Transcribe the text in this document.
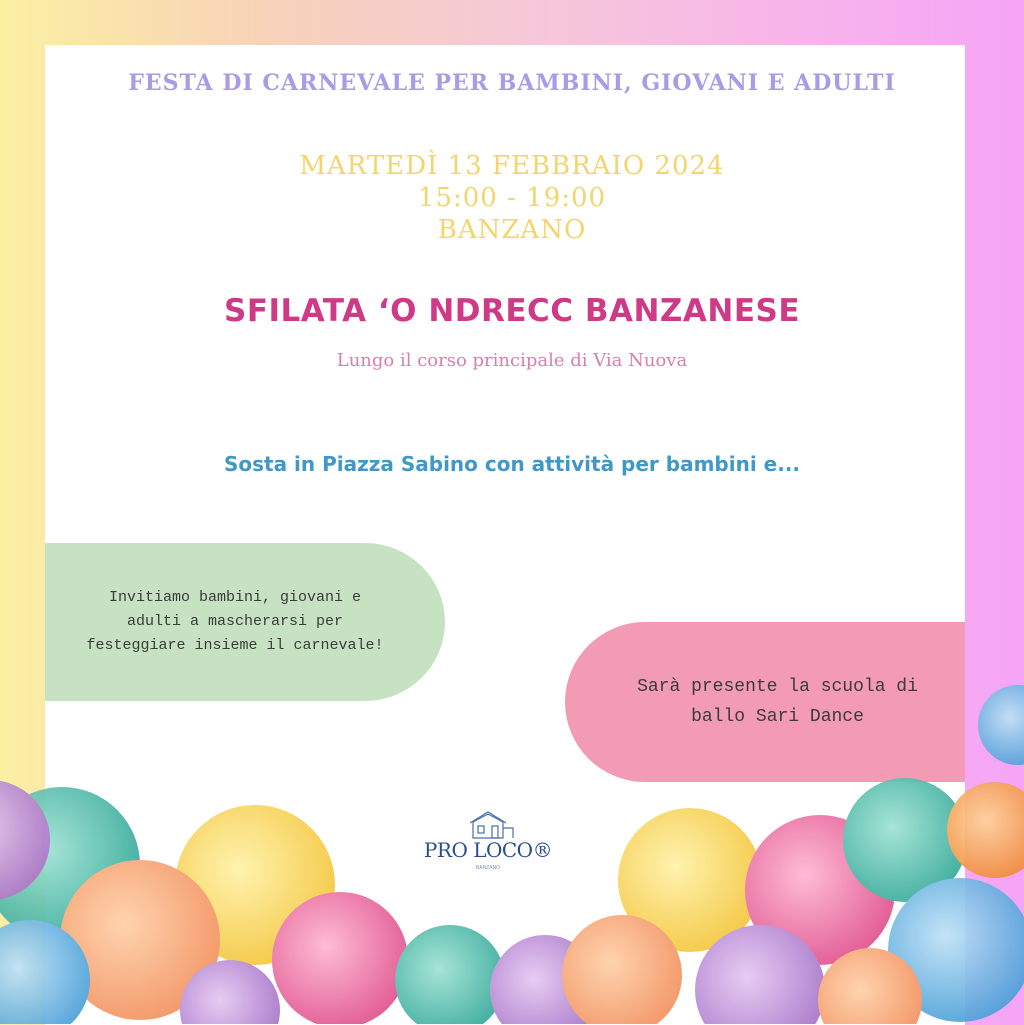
FESTA DI CARNEVALE PER BAMBINI, GIOVANI E ADULTI
MARTEDÌ 13 FEBBRAIO 2024
15:00 - 19:00
BANZANO
SFILATA ‘O NDRECC BANZANESE
Lungo il corso principale di Via Nuova
Sosta in Piazza Sabino con attività per bambini e...
Invitiamo bambini, giovani e
adulti a mascherarsi per
festeggiare insieme il carnevale!
Sarà presente la scuola di
ballo Sari Dance
PRO LOCO®
BANZANO
